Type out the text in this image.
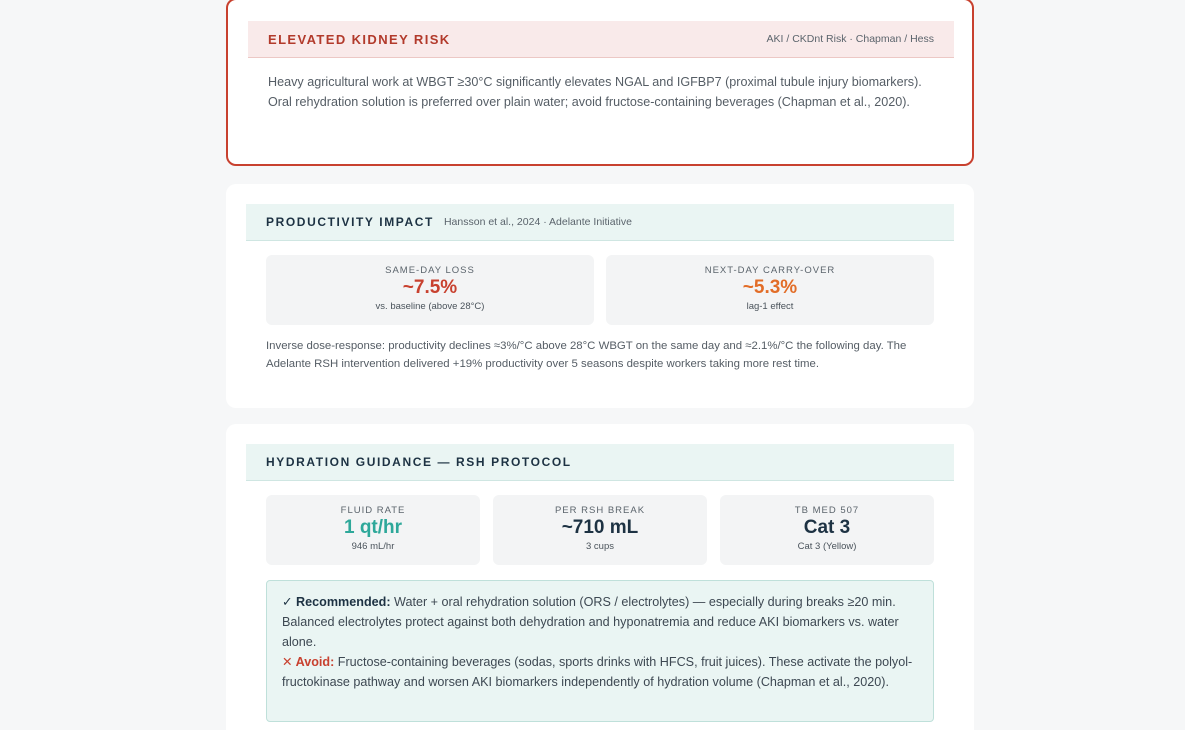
ELEVATED KIDNEY RISK	AKI / CKDnt Risk · Chapman / Hess

Heavy agricultural work at WBGT ≥30°C significantly elevates NGAL and IGFBP7 (proximal tubule injury biomarkers). Oral rehydration solution is preferred over plain water; avoid fructose-containing beverages (Chapman et al., 2020).

PRODUCTIVITY IMPACT Hansson et al., 2024 · Adelante Initiative
SAME-DAY LOSS
~7.5%
vs. baseline (above 28°C)
NEXT-DAY CARRY-OVER
~5.3%
lag-1 effect

Inverse dose-response: productivity declines ≈3%/°C above 28°C WBGT on the same day and ≈2.1%/°C the following day. The Adelante RSH intervention delivered +19% productivity over 5 seasons despite workers taking more rest time.

HYDRATION GUIDANCE — RSH PROTOCOL
FLUID RATE
1 qt/hr
946 mL/hr
PER RSH BREAK
~710 mL
3 cups
TB MED 507
Cat 3
Cat 3 (Yellow)

✓ Recommended: Water + oral rehydration solution (ORS / electrolytes) — especially during breaks ≥20 min. Balanced electrolytes protect against both dehydration and hyponatremia and reduce AKI biomarkers vs. water alone.

✕ Avoid: Fructose-containing beverages (sodas, sports drinks with HFCS, fruit juices). These activate the polyol-fructokinase pathway and worsen AKI biomarkers independently of hydration volume (Chapman et al., 2020).
